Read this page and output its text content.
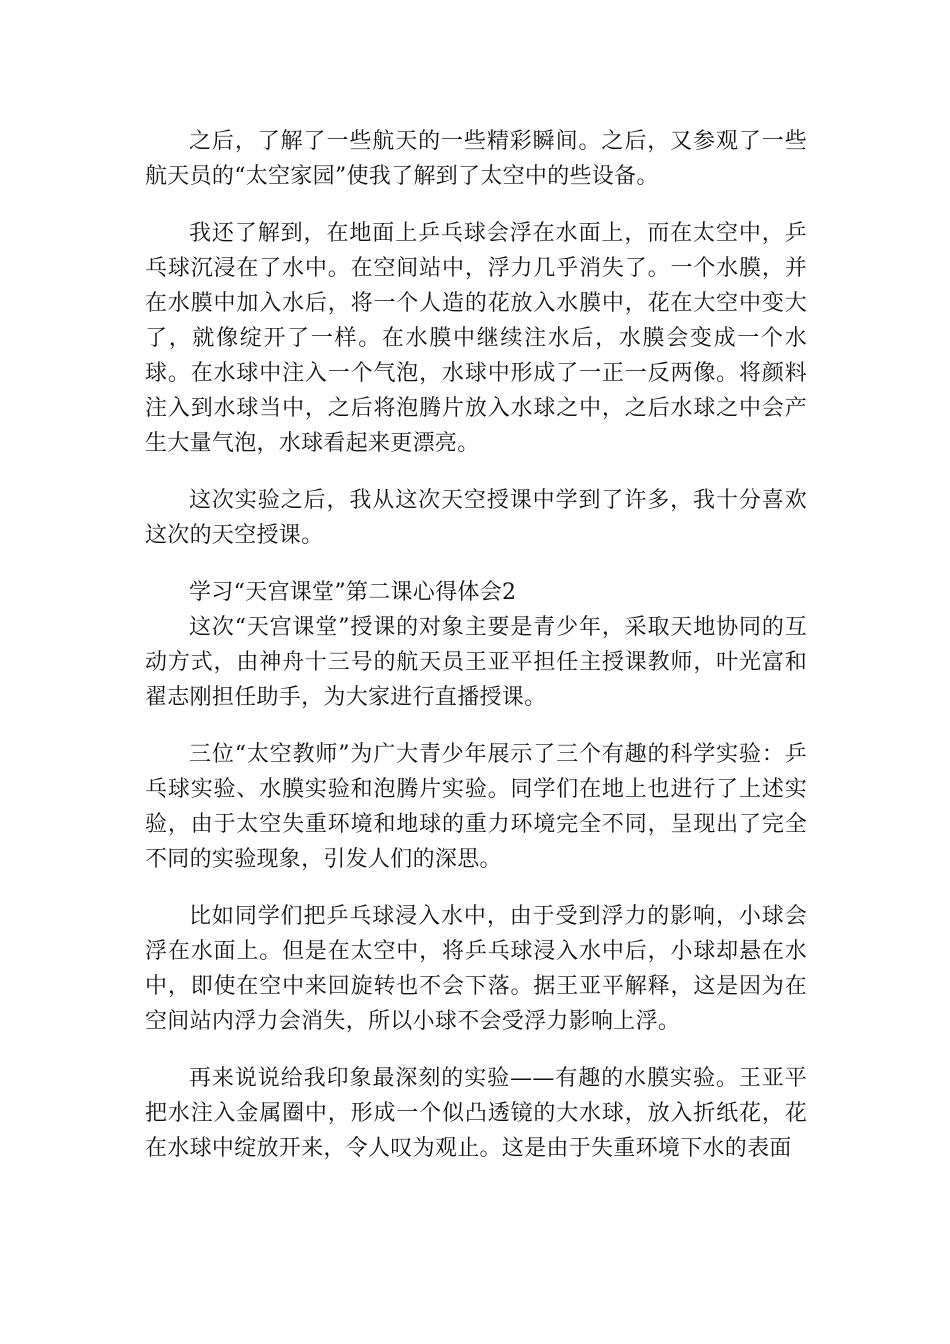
之后，了解了一些航天的一些精彩瞬间。之后，又参观了一些航天员的“太空家园”使我了解到了太空中的些设备。

我还了解到，在地面上乒乓球会浮在水面上，而在太空中，乒乓球沉浸在了水中。在空间站中，浮力几乎消失了。一个水膜，并在水膜中加入水后，将一个人造的花放入水膜中，花在大空中变大了，就像绽开了一样。在水膜中继续注水后，水膜会变成一个水球。在水球中注入一个气泡，水球中形成了一正一反两像。将颜料注入到水球当中，之后将泡腾片放入水球之中，之后水球之中会产生大量气泡，水球看起来更漂亮。

这次实验之后，我从这次天空授课中学到了许多，我十分喜欢这次的天空授课。

学习“天宫课堂”第二课心得体会2

这次“天宫课堂”授课的对象主要是青少年，采取天地协同的互动方式，由神舟十三号的航天员王亚平担任主授课教师，叶光富和翟志刚担任助手，为大家进行直播授课。

三位“太空教师”为广大青少年展示了三个有趣的科学实验：乒乓球实验、水膜实验和泡腾片实验。同学们在地上也进行了上述实验，由于太空失重环境和地球的重力环境完全不同，呈现出了完全不同的实验现象，引发人们的深思。

比如同学们把乒乓球浸入水中，由于受到浮力的影响，小球会浮在水面上。但是在太空中，将乒乓球浸入水中后，小球却悬在水中，即使在空中来回旋转也不会下落。据王亚平解释，这是因为在空间站内浮力会消失，所以小球不会受浮力影响上浮。

再来说说给我印象最深刻的实验——有趣的水膜实验。王亚平把水注入金属圈中，形成一个似凸透镜的大水球，放入折纸花，花在水球中绽放开来，令人叹为观止。这是由于失重环境下水的表面
